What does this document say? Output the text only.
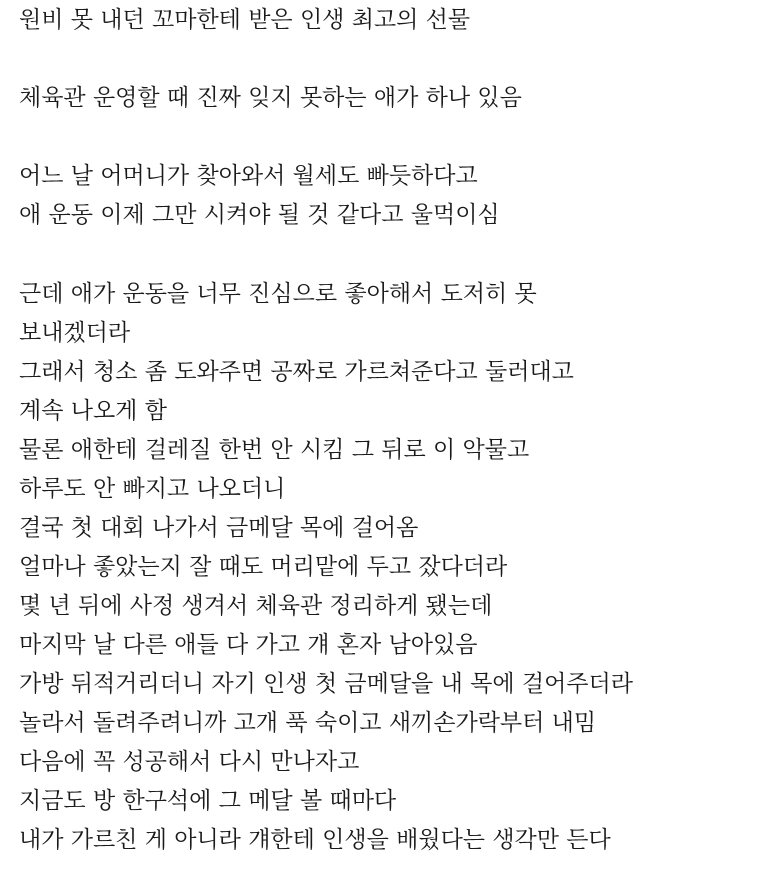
원비 못 내던 꼬마한테 받은 인생 최고의 선물
체육관 운영할 때 진짜 잊지 못하는 애가 하나 있음
어느 날 어머니가 찾아와서 월세도 빠듯하다고
애 운동 이제 그만 시켜야 될 것 같다고 울먹이심
근데 애가 운동을 너무 진심으로 좋아해서 도저히 못
보내겠더라
그래서 청소 좀 도와주면 공짜로 가르쳐준다고 둘러대고
계속 나오게 함
물론 애한테 걸레질 한번 안 시킴 그 뒤로 이 악물고
하루도 안 빠지고 나오더니
결국 첫 대회 나가서 금메달 목에 걸어옴
얼마나 좋았는지 잘 때도 머리맡에 두고 잤다더라
몇 년 뒤에 사정 생겨서 체육관 정리하게 됐는데
마지막 날 다른 애들 다 가고 걔 혼자 남아있음
가방 뒤적거리더니 자기 인생 첫 금메달을 내 목에 걸어주더라
놀라서 돌려주려니까 고개 푹 숙이고 새끼손가락부터 내밈
다음에 꼭 성공해서 다시 만나자고
지금도 방 한구석에 그 메달 볼 때마다
내가 가르친 게 아니라 걔한테 인생을 배웠다는 생각만 든다
